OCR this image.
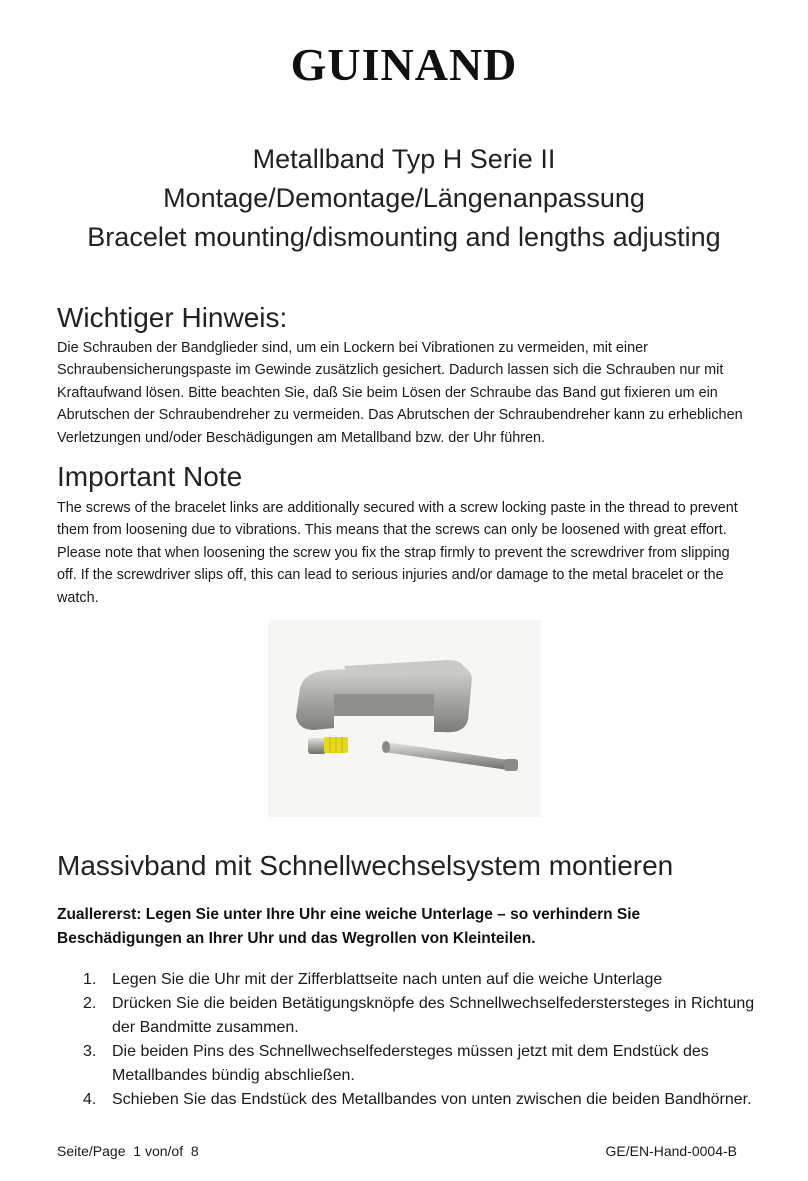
GUINAND
Metallband Typ H Serie II
Montage/Demontage/Längenanpassung
Bracelet mounting/dismounting and lengths adjusting
Wichtiger Hinweis:
Die Schrauben der Bandglieder sind, um ein Lockern bei Vibrationen zu vermeiden, mit einer Schraubensicherungspaste im Gewinde zusätzlich gesichert. Dadurch lassen sich die Schrauben nur mit Kraftaufwand lösen. Bitte beachten Sie, daß Sie beim Lösen der Schraube das Band gut fixieren um ein Abrutschen der Schraubendreher zu vermeiden. Das Abrutschen der Schraubendreher kann zu erheblichen Verletzungen und/oder Beschädigungen am Metallband bzw. der Uhr führen.
Important Note
The screws of the bracelet links are additionally secured with a screw locking paste in the thread to prevent them from loosening due to vibrations. This means that the screws can only be loosened with great effort. Please note that when loosening the screw you fix the strap firmly to prevent the screwdriver from slipping off. If the screwdriver slips off, this can lead to serious injuries and/or damage to the metal bracelet or the watch.
Massivband mit Schnellwechselsystem montieren
Zuallererst: Legen Sie unter Ihre Uhr eine weiche Unterlage – so verhindern Sie Beschädigungen an Ihrer Uhr und das Wegrollen von Kleinteilen.
1. Legen Sie die Uhr mit der Zifferblattseite nach unten auf die weiche Unterlage
2. Drücken Sie die beiden Betätigungsknöpfe des Schnellwechselfederstersteges in Richtung der Bandmitte zusammen.
3. Die beiden Pins des Schnellwechselfedersteges müssen jetzt mit dem Endstück des Metallbandes bündig abschließen.
4. Schieben Sie das Endstück des Metallbandes von unten zwischen die beiden Bandhörner.
Seite/Page  1 von/of  8	GE/EN-Hand-0004-B
